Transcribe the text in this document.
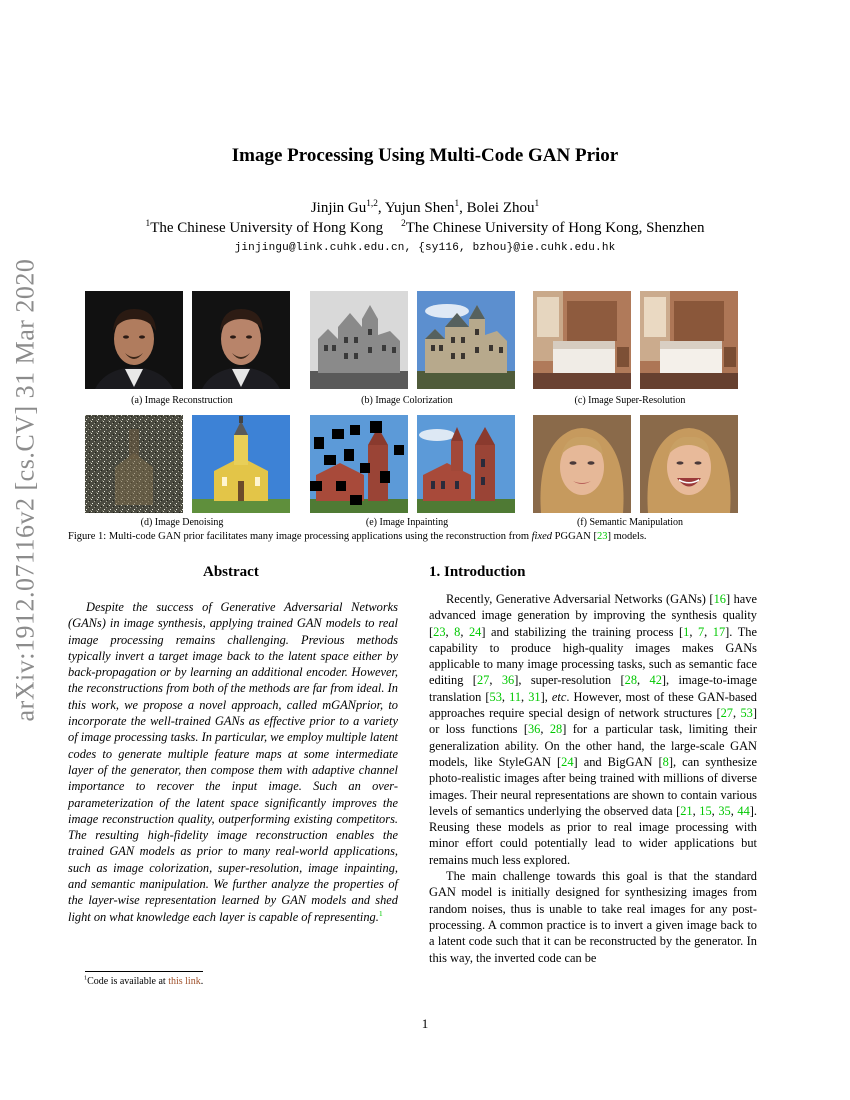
arXiv:1912.07116v2 [cs.CV] 31 Mar 2020
Image Processing Using Multi-Code GAN Prior
Jinjin Gu$^{1,2}$, Yujun Shen$^1$, Bolei Zhou$^1$
$^1$The Chinese University of Hong Kong $^2$The Chinese University of Hong Kong, Shenzhen
jinjingu@link.cuhk.edu.cn, {sy116, bzhou}@ie.cuhk.edu.hk
(a) Image Reconstruction	(b) Image Colorization	(c) Image Super-Resolution
(d) Image Denoising	(e) Image Inpainting	(f) Semantic Manipulation
Figure 1: Multi-code GAN prior facilitates many image processing applications using the reconstruction from fixed PGGAN [23] models.
Abstract
Despite the success of Generative Adversarial Networks (GANs) in image synthesis, applying trained GAN models to real image processing remains challenging. Previous methods typically invert a target image back to the latent space either by back-propagation or by learning an additional encoder. However, the reconstructions from both of the methods are far from ideal. In this work, we propose a novel approach, called mGANprior, to incorporate the well-trained GANs as effective prior to a variety of image processing tasks. In particular, we employ multiple latent codes to generate multiple feature maps at some intermediate layer of the generator, then compose them with adaptive channel importance to recover the input image. Such an over-parameterization of the latent space significantly improves the image reconstruction quality, outperforming existing competitors. The resulting high-fidelity image reconstruction enables the trained GAN models as prior to many real-world applications, such as image colorization, super-resolution, image inpainting, and semantic manipulation. We further analyze the properties of the layer-wise representation learned by GAN models and shed light on what knowledge each layer is capable of representing.$^1$
1. Introduction

Recently, Generative Adversarial Networks (GANs) [16] have advanced image generation by improving the synthesis quality [23, 8, 24] and stabilizing the training process [1, 7, 17]. The capability to produce high-quality images makes GANs applicable to many image processing tasks, such as semantic face editing [27, 36], super-resolution [28, 42], image-to-image translation [53, 11, 31], etc. However, most of these GAN-based approaches require special design of network structures [27, 53] or loss functions [36, 28] for a particular task, limiting their generalization ability. On the other hand, the large-scale GAN models, like StyleGAN [24] and BigGAN [8], can synthesize photo-realistic images after being trained with millions of diverse images. Their neural representations are shown to contain various levels of semantics underlying the observed data [21, 15, 35, 44]. Reusing these models as prior to real image processing with minor effort could potentially lead to wider applications but remains much less explored.

The main challenge towards this goal is that the standard GAN model is initially designed for synthesizing images from random noises, thus is unable to take real images for any post-processing. A common practice is to invert a given image back to a latent code such that it can be reconstructed by the generator. In this way, the inverted code can be

$^1$Code is available at this link.
1
